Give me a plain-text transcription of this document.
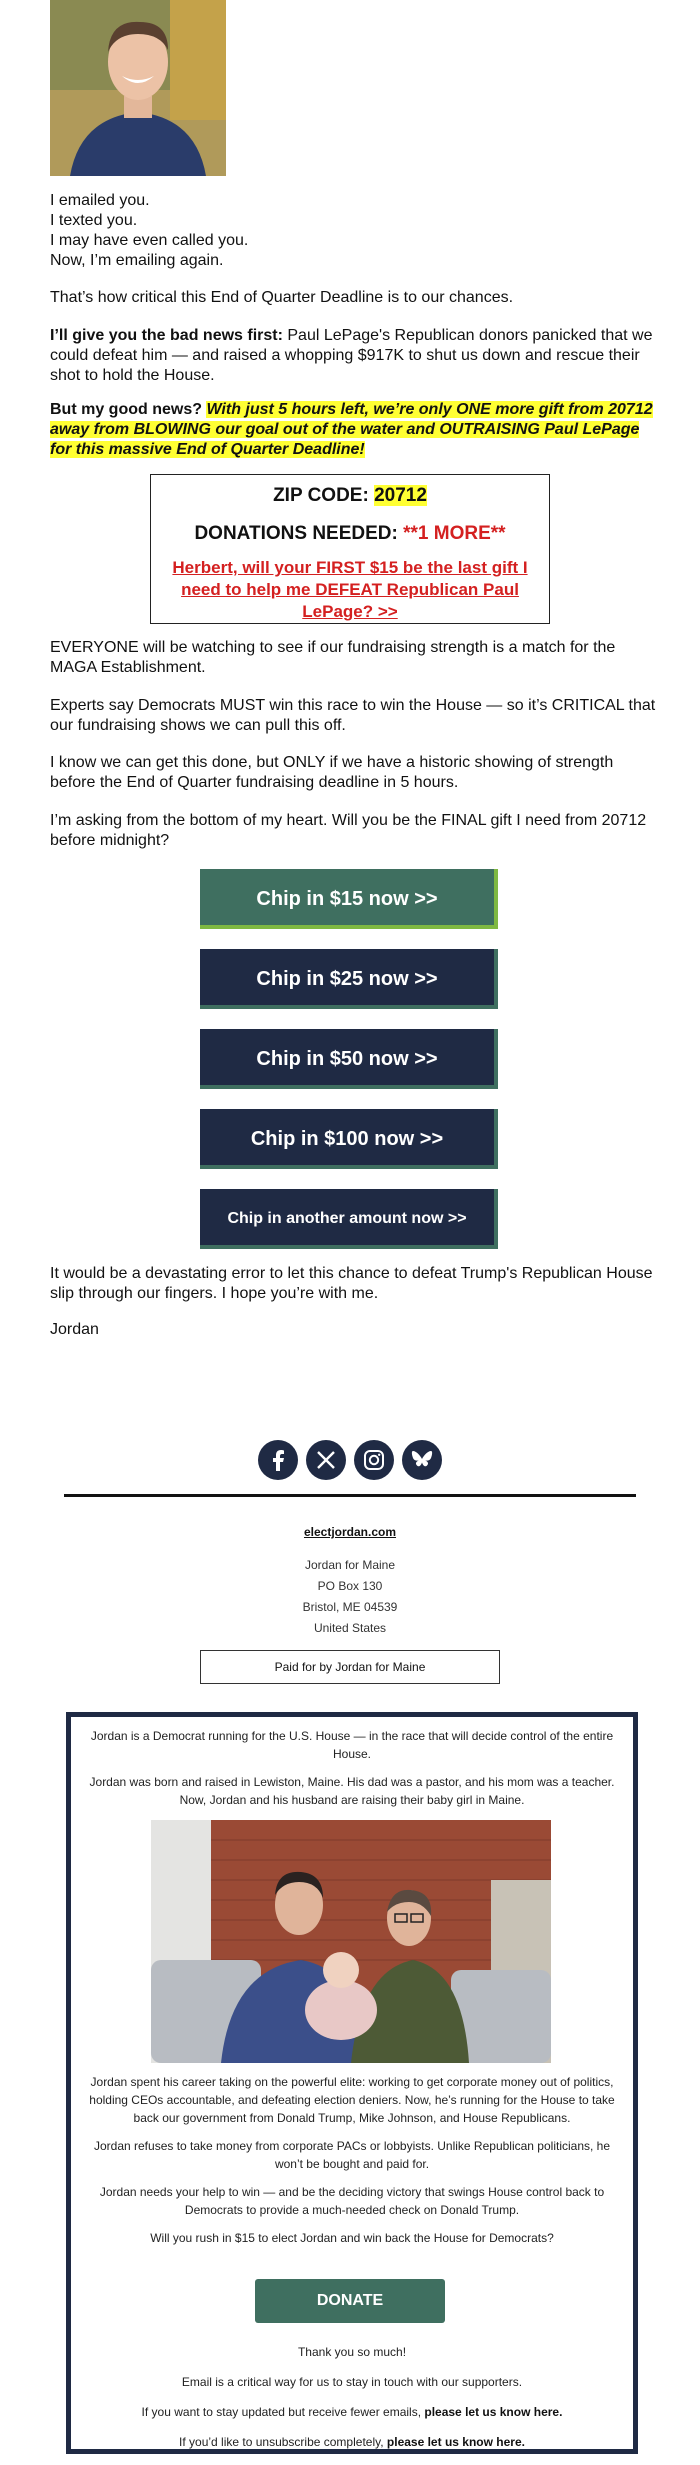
I emailed you.

I texted you.

I may have even called you.

Now, I’m emailing again.

That’s how critical this End of Quarter Deadline is to our chances.
I’ll give you the bad news first: Paul LePage's Republican donors panicked that we could defeat him — and raised a whopping $917K to shut us down and rescue their shot to hold the House.
But my good news? With just 5 hours left, we’re only ONE more gift from 20712 away from BLOWING our goal out of the water and OUTRAISING Paul LePage for this massive End of Quarter Deadline!
ZIP CODE: 20712
DONATIONS NEEDED: **1 MORE**
Herbert, will your FIRST $15 be the last gift I need to help me DEFEAT Republican Paul LePage? >>
EVERYONE will be watching to see if our fundraising strength is a match for the MAGA Establishment.
Experts say Democrats MUST win this race to win the House — so it’s CRITICAL that our fundraising shows we can pull this off.
I know we can get this done, but ONLY if we have a historic showing of strength before the End of Quarter fundraising deadline in 5 hours.
I’m asking from the bottom of my heart. Will you be the FINAL gift I need from 20712 before midnight?
Chip in $15 now >>
Chip in $25 now >>
Chip in $50 now >>
Chip in $100 now >>
Chip in another amount now >>
It would be a devastating error to let this chance to defeat Trump's Republican House slip through our fingers. I hope you’re with me.
Jordan
electjordan.com
Jordan for Maine
PO Box 130
Bristol, ME 04539
United States
Paid for by Jordan for Maine

Jordan is a Democrat running for the U.S. House — in the race that will decide control of the entire House.

Jordan was born and raised in Lewiston, Maine. His dad was a pastor, and his mom was a teacher. Now, Jordan and his husband are raising their baby girl in Maine.

Jordan spent his career taking on the powerful elite: working to get corporate money out of politics, holding CEOs accountable, and defeating election deniers. Now, he’s running for the House to take back our government from Donald Trump, Mike Johnson, and House Republicans.

Jordan refuses to take money from corporate PACs or lobbyists. Unlike Republican politicians, he won’t be bought and paid for.

Jordan needs your help to win — and be the deciding victory that swings House control back to Democrats to provide a much-needed check on Donald Trump.

Will you rush in $15 to elect Jordan and win back the House for Democrats?

DONATE

Thank you so much!

Email is a critical way for us to stay in touch with our supporters.

If you want to stay updated but receive fewer emails, please let us know here.

If you’d like to unsubscribe completely, please let us know here.
